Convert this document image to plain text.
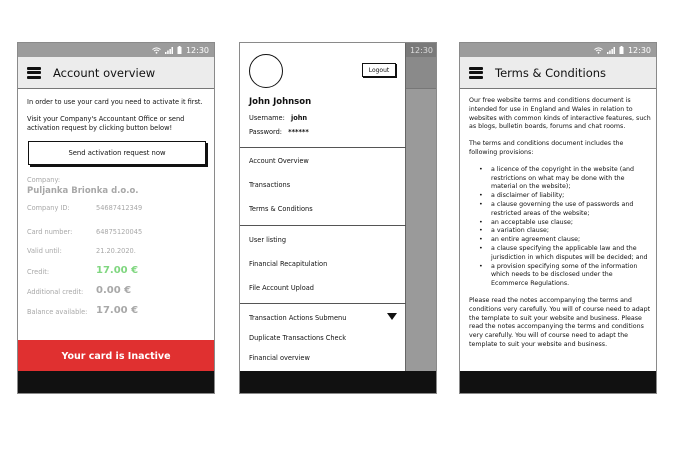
12:30
Account overview
In order to use your card you need to activate it first.
Visit your Company's Accountant Office or send activation request by clicking button below!
Send activation request now
Company:
Puljanka Brionka d.o.o.
Company ID:	54687412349
Card number:	64875120045
Valid until:	21.20.2020.
Credit:	17.00 €
Additional credit: 0.00 €
Balance available: 17.00 €
Your card is Inactive
12:30
Logout
John Johnson
Username: john
Password: ******
Account Overview
Transactions
Terms & Conditions
User listing
Financial Recapitulation
File Account Upload
Transaction Actions Submenu
Duplicate Transactions Check
Financial overview
12:30
Terms & Conditions

Our free website terms and conditions document is intended for use in England and Wales in relation to websites with common kinds of interactive features, such as blogs, bulletin boards, forums and chat rooms.

The terms and conditions document includes the following provisions:

• a licence of the copyright in the website (and restrictions on what may be done with the material on the website);
• a disclaimer of liability;
• a clause governing the use of passwords and restricted areas of the website;
• an acceptable use clause;
• a variation clause;
• an entire agreement clause;
• a clause specifying the applicable law and the jurisdiction in which disputes will be decided; and
• a provision specifying some of the information which needs to be disclosed under the Ecommerce Regulations.

Please read the notes accompanying the terms and conditions very carefully. You will of course need to adapt the template to suit your website and business. Please read the notes accompanying the terms and conditions very carefully. You will of course need to adapt the template to suit your website and business.
